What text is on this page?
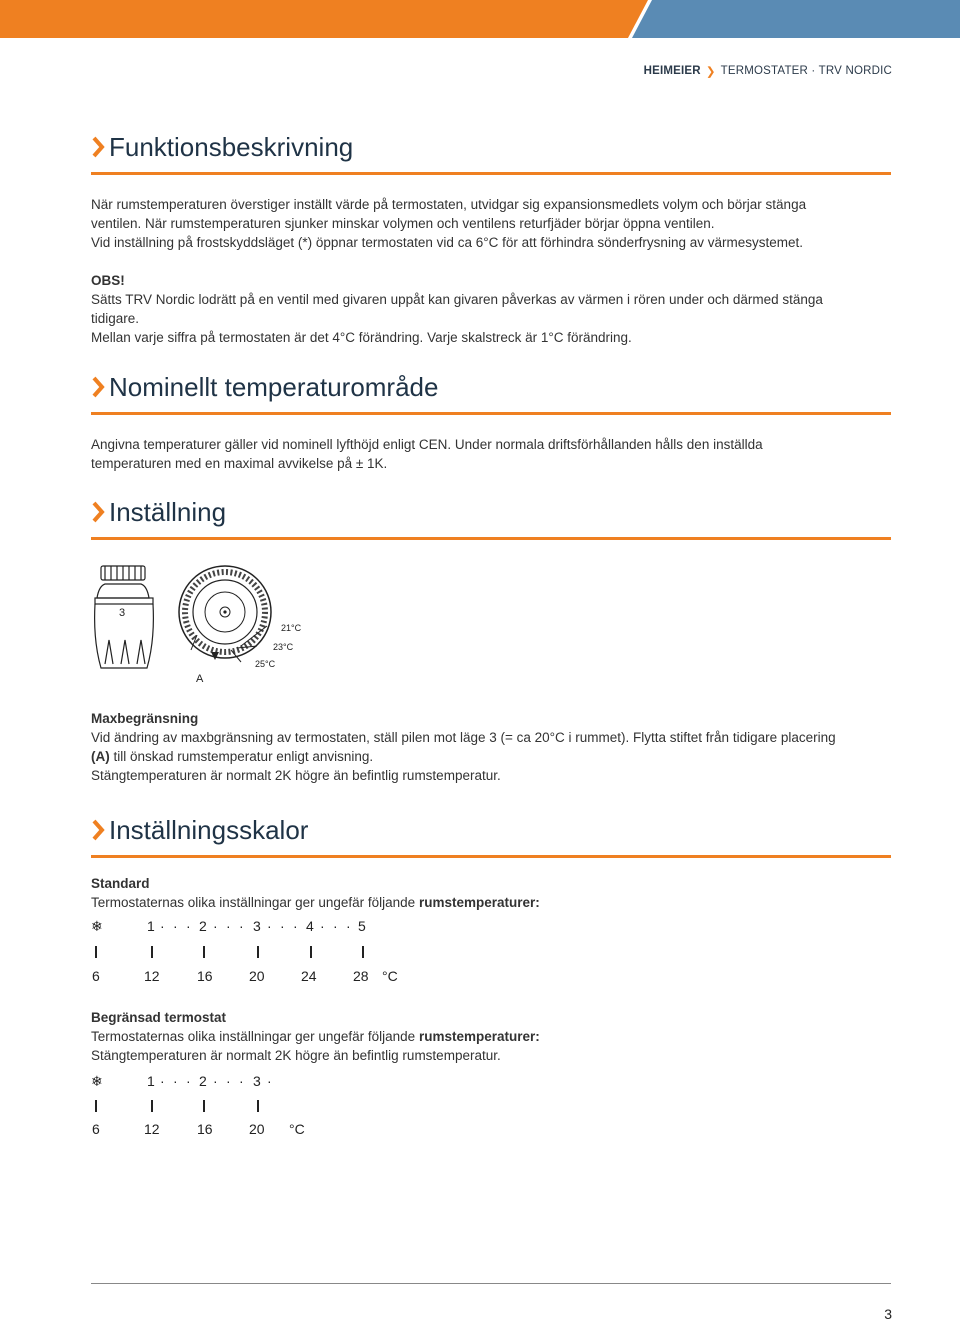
HEIMEIER ❯ TERMOSTATER · TRV NORDIC
Funktionsbeskrivning

När rumstemperaturen överstiger inställt värde på termostaten, utvidgar sig expansionsmedlets volym och börjar stänga

ventilen. När rumstemperaturen sjunker minskar volymen och ventilens returfjäder börjar öppna ventilen.

Vid inställning på frostskyddsläget (*) öppnar termostaten vid ca 6°C för att förhindra sönderfrysning av värmesystemet.

OBS!

Sätts TRV Nordic lodrätt på en ventil med givaren uppåt kan givaren påverkas av värmen i rören under och därmed stänga

tidigare.

Mellan varje siffra på termostaten är det 4°C förändring. Varje skalstreck är 1°C förändring.

Nominellt temperaturområde

Angivna temperaturer gäller vid nominell lyfthöjd enligt CEN. Under normala driftsförhållanden hålls den inställda

temperaturen med en maximal avvikelse på ± 1K.

Inställning
3
A
21°C
23°C
25°C

Maxbegränsning

Vid ändring av maxbgränsning av termostaten, ställ pilen mot läge 3 (= ca 20°C i rummet). Flytta stiftet från tidigare placering

(A) till önskad rumstemperatur enligt anvisning.

Stängtemperaturen är normalt 2K högre än befintlig rumstemperatur.

Inställningsskalor

Standard

Termostaternas olika inställningar ger ungefär följande rumstemperaturer:

❄	1 · · · 2 · · · 3 · · · 4 · · · 5
6	12	16	20	24	28 °C

Begränsad termostat

Termostaternas olika inställningar ger ungefär följande rumstemperaturer:

Stängtemperaturen är normalt 2K högre än befintlig rumstemperatur.

❄	1 · · · 2 · · · 3 ·
6	12	16	20 °C
3
